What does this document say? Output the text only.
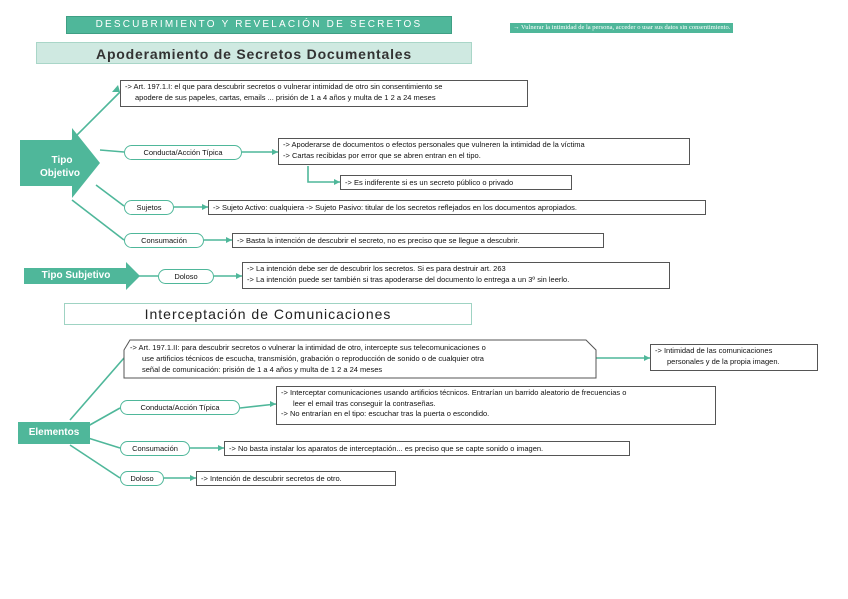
DESCUBRIMIENTO Y REVELACIÓN DE SECRETOS	→ Vulnerar la intimidad de la persona, acceder o usar sus datos sin consentimiento.
Apoderamiento de Secretos Documentales
Tipo
Objetivo
-> Art. 197.1.I: el que para descubrir secretos o vulnerar intimidad de otro sin consentimiento se
apodere de sus papeles, cartas, emails ... prisión de 1 a 4 años y multa de 1 2 a 24 meses
Conducta/Acción Típica
-> Apoderarse de documentos o efectos personales que vulneren la intimidad de la víctima
-> Cartas recibidas por error que se abren entran en el tipo.
-> Es indiferente si es un secreto público o privado
Sujetos	-> Sujeto Activo: cualquiera -> Sujeto Pasivo: titular de los secretos reflejados en los documentos apropiados.
Consumación	-> Basta la intención de descubrir el secreto, no es preciso que se llegue a descubrir.
Tipo Subjetivo	Doloso
-> La intención debe ser de descubrir los secretos. Si es para destruir art. 263
-> La intención puede ser también si tras apoderarse del documento lo entrega a un 3º sin leerlo.
Interceptación de Comunicaciones
Elementos
-> Art. 197.1.II: para descubrir secretos o vulnerar la intimidad de otro, intercepte sus telecomunicaciones o
use artificios técnicos de escucha, transmisión, grabación o reproducción de sonido o de cualquier otra
señal de comunicación: prisión de 1 a 4 años y multa de 1 2 a 24 meses
-> Intimidad de las comunicaciones
personales y de la propia imagen.
Conducta/Acción Típica
-> Interceptar comunicaciones usando artificios técnicos. Entrarían un barrido aleatorio de frecuencias o
leer el email tras conseguir la contraseñas.
-> No entrarían en el tipo: escuchar tras la puerta o escondido.
Consumación	-> No basta instalar los aparatos de interceptación... es preciso que se capte sonido o imagen.
Doloso	-> Intención de descubrir secretos de otro.
